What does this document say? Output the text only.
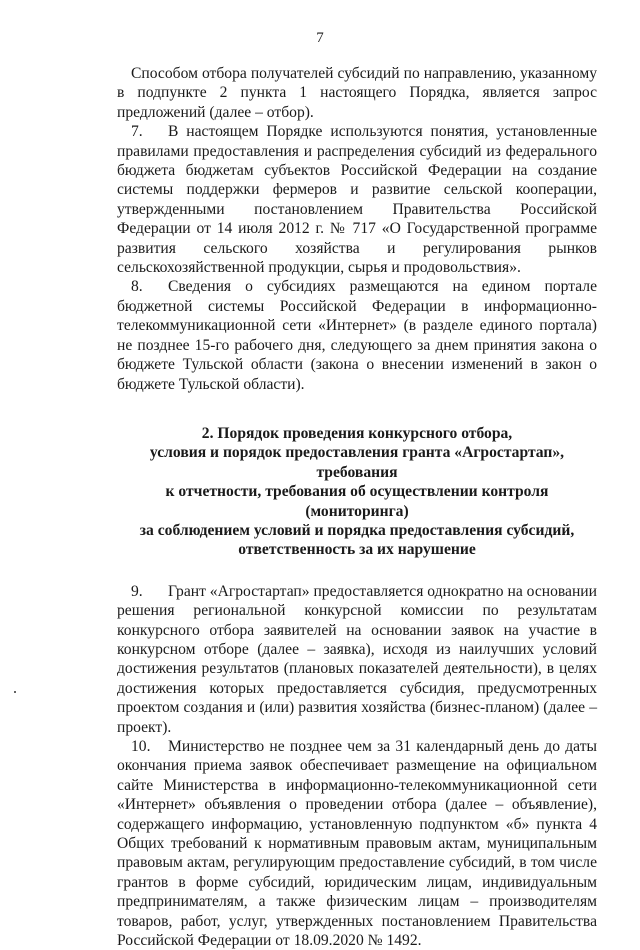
7

Способом отбора получателей субсидий по направлению, указанному в подпункте 2 пункта 1 настоящего Порядка, является запрос предложений (далее – отбор).

7. В настоящем Порядке используются понятия, установленные правилами предоставления и распределения субсидий из федерального бюджета бюджетам субъектов Российской Федерации на создание системы поддержки фермеров и развитие сельской кооперации, утвержденными постановлением Правительства Российской Федерации от 14 июля 2012 г. № 717 «О Государственной программе развития сельского хозяйства и регулирования рынков сельскохозяйственной продукции, сырья и продовольствия».

8. Сведения о субсидиях размещаются на едином портале бюджетной системы Российской Федерации в информационно-телекоммуникационной сети «Интернет» (в разделе единого портала) не позднее 15-го рабочего дня, следующего за днем принятия закона о бюджете Тульской области (закона о внесении изменений в закон о бюджете Тульской области).

2. Порядок проведения конкурсного отбора,
условия и порядок предоставления гранта «Агростартап», требования
к отчетности, требования об осуществлении контроля (мониторинга)
за соблюдением условий и порядка предоставления субсидий,
ответственность за их нарушение

9. Грант «Агростартап» предоставляется однократно на основании решения региональной конкурсной комиссии по результатам конкурсного отбора заявителей на основании заявок на участие в конкурсном отборе (далее – заявка), исходя из наилучших условий достижения результатов (плановых показателей деятельности), в целях достижения которых предоставляется субсидия, предусмотренных проектом создания и (или) развития хозяйства (бизнес-планом) (далее – проект).

10. Министерство не позднее чем за 31 календарный день до даты окончания приема заявок обеспечивает размещение на официальном сайте Министерства в информационно-телекоммуникационной сети «Интернет» объявления о проведении отбора (далее – объявление), содержащего информацию, установленную подпунктом «б» пункта 4 Общих требований к нормативным правовым актам, муниципальным правовым актам, регулирующим предоставление субсидий, в том числе грантов в форме субсидий, юридическим лицам, индивидуальным предпринимателям, а также физическим лицам – производителям товаров, работ, услуг, утвержденных постановлением Правительства Российской Федерации от 18.09.2020 № 1492.
